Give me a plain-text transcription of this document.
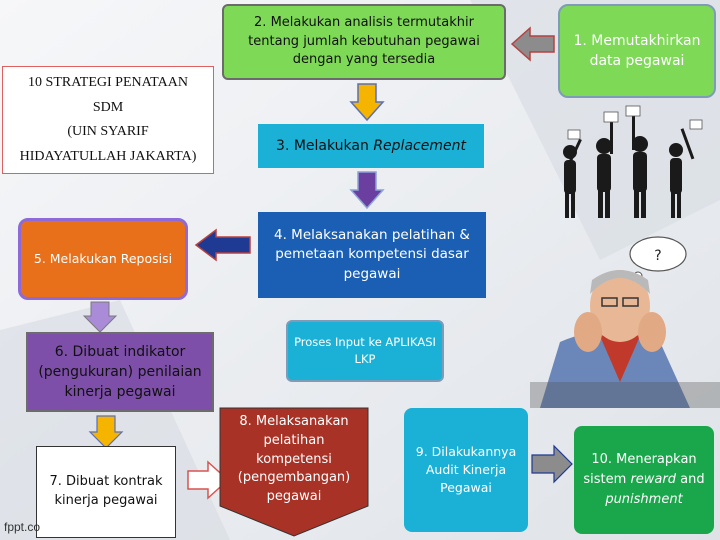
10 STRATEGI PENATAAN
SDM
(UIN SYARIF
HIDAYATULLAH JAKARTA)
2. Melakukan analisis termutakhir tentang jumlah kebutuhan pegawai dengan yang tersedia
1. Memutakhirkan data pegawai
3. Melakukan Replacement
4. Melaksanakan pelatihan & pemetaan kompetensi dasar pegawai
5. Melakukan Reposisi
6. Dibuat indikator (pengukuran) penilaian kinerja pegawai
7. Dibuat kontrak kinerja pegawai
8. Melaksanakan pelatihan kompetensi (pengembangan) pegawai
Proses Input ke APLIKASI LKP
9. Dilakukannya Audit Kinerja Pegawai
10. Menerapkan sistem reward and punishment
?
fppt.co
